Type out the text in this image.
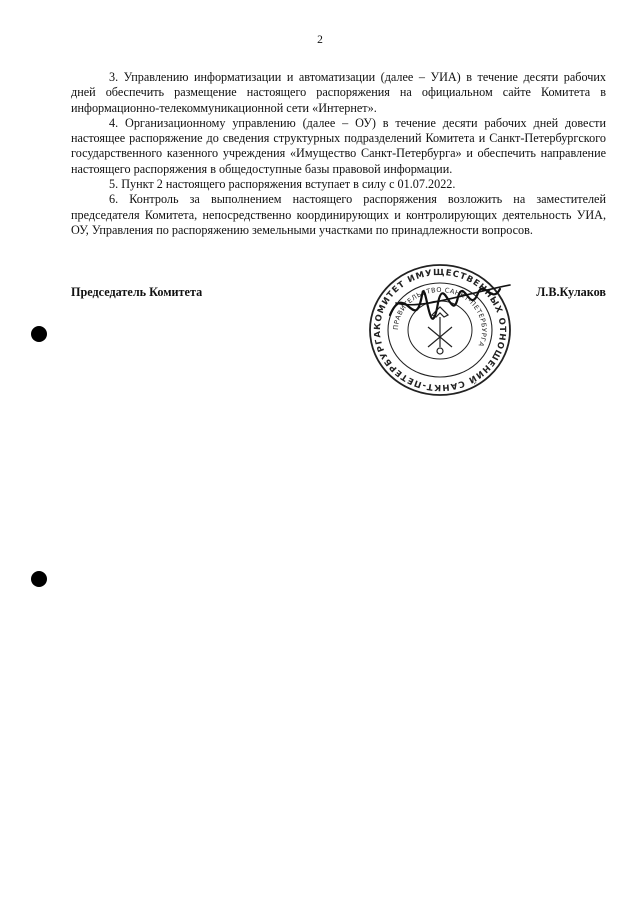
2

3. Управлению информатизации и автоматизации (далее – УИА) в течение десяти рабочих дней обеспечить размещение настоящего распоряжения на официальном сайте Комитета в информационно-телекоммуникационной сети «Интернет».

4. Организационному управлению (далее – ОУ) в течение десяти рабочих дней довести настоящее распоряжение до сведения структурных подразделений Комитета и Санкт-Петербургского государственного казенного учреждения «Имущество Санкт-Петербурга» и обеспечить направление настоящего распоряжения в общедоступные базы правовой информации.

5. Пункт 2 настоящего распоряжения вступает в силу с 01.07.2022.

6. Контроль за выполнением настоящего распоряжения возложить на заместителей председателя Комитета, непосредственно координирующих и контролирующих деятельность УИА, ОУ, Управления по распоряжению земельными участками по принадлежности вопросов.

Председатель Комитета	Л.В.Кулаков
КОМИТЕТ ИМУЩЕСТВЕННЫХ ОТНОШЕНИЙ САНКТ-ПЕТЕРБУРГА
ПРАВИТЕЛЬСТВО САНКТ-ПЕТЕРБУРГА
